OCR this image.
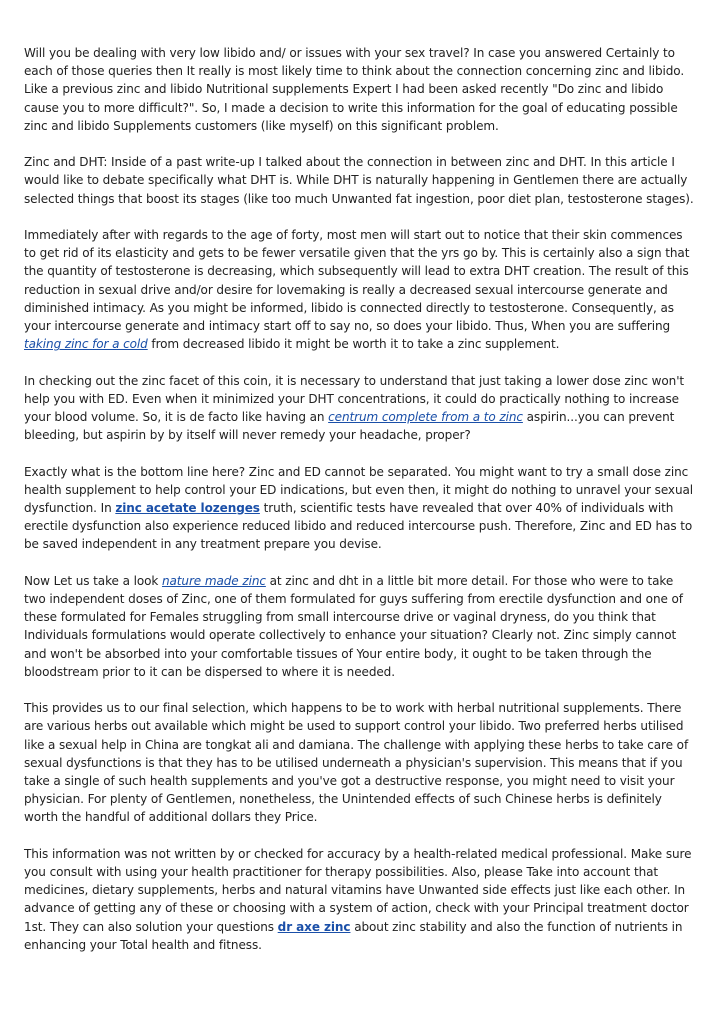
Will you be dealing with very low libido and/ or issues with your sex travel? In case you answered Certainly to each of those queries then It really is most likely time to think about the connection concerning zinc and libido. Like a previous zinc and libido Nutritional supplements Expert I had been asked recently "Do zinc and libido cause you to more difficult?". So, I made a decision to write this information for the goal of educating possible zinc and libido Supplements customers (like myself) on this significant problem.

Zinc and DHT: Inside of a past write-up I talked about the connection in between zinc and DHT. In this article I would like to debate specifically what DHT is. While DHT is naturally happening in Gentlemen there are actually selected things that boost its stages (like too much Unwanted fat ingestion, poor diet plan, testosterone stages).

Immediately after with regards to the age of forty, most men will start out to notice that their skin commences to get rid of its elasticity and gets to be fewer versatile given that the yrs go by. This is certainly also a sign that the quantity of testosterone is decreasing, which subsequently will lead to extra DHT creation. The result of this reduction in sexual drive and/or desire for lovemaking is really a decreased sexual intercourse generate and diminished intimacy. As you might be informed, libido is connected directly to testosterone. Consequently, as your intercourse generate and intimacy start off to say no, so does your libido. Thus, When you are suffering taking zinc for a cold from decreased libido it might be worth it to take a zinc supplement.

In checking out the zinc facet of this coin, it is necessary to understand that just taking a lower dose zinc won't help you with ED. Even when it minimized your DHT concentrations, it could do practically nothing to increase your blood volume. So, it is de facto like having an centrum complete from a to zinc aspirin...you can prevent bleeding, but aspirin by by itself will never remedy your headache, proper?

Exactly what is the bottom line here? Zinc and ED cannot be separated. You might want to try a small dose zinc health supplement to help control your ED indications, but even then, it might do nothing to unravel your sexual dysfunction. In zinc acetate lozenges truth, scientific tests have revealed that over 40% of individuals with erectile dysfunction also experience reduced libido and reduced intercourse push. Therefore, Zinc and ED has to be saved independent in any treatment prepare you devise.

Now Let us take a look nature made zinc at zinc and dht in a little bit more detail. For those who were to take two independent doses of Zinc, one of them formulated for guys suffering from erectile dysfunction and one of these formulated for Females struggling from small intercourse drive or vaginal dryness, do you think that Individuals formulations would operate collectively to enhance your situation? Clearly not. Zinc simply cannot and won't be absorbed into your comfortable tissues of Your entire body, it ought to be taken through the bloodstream prior to it can be dispersed to where it is needed.

This provides us to our final selection, which happens to be to work with herbal nutritional supplements. There are various herbs out available which might be used to support control your libido. Two preferred herbs utilised like a sexual help in China are tongkat ali and damiana. The challenge with applying these herbs to take care of sexual dysfunctions is that they has to be utilised underneath a physician's supervision. This means that if you take a single of such health supplements and you've got a destructive response, you might need to visit your physician. For plenty of Gentlemen, nonetheless, the Unintended effects of such Chinese herbs is definitely worth the handful of additional dollars they Price.

This information was not written by or checked for accuracy by a health-related medical professional. Make sure you consult with using your health practitioner for therapy possibilities. Also, please Take into account that medicines, dietary supplements, herbs and natural vitamins have Unwanted side effects just like each other. In advance of getting any of these or choosing with a system of action, check with your Principal treatment doctor 1st. They can also solution your questions dr axe zinc about zinc stability and also the function of nutrients in enhancing your Total health and fitness.
